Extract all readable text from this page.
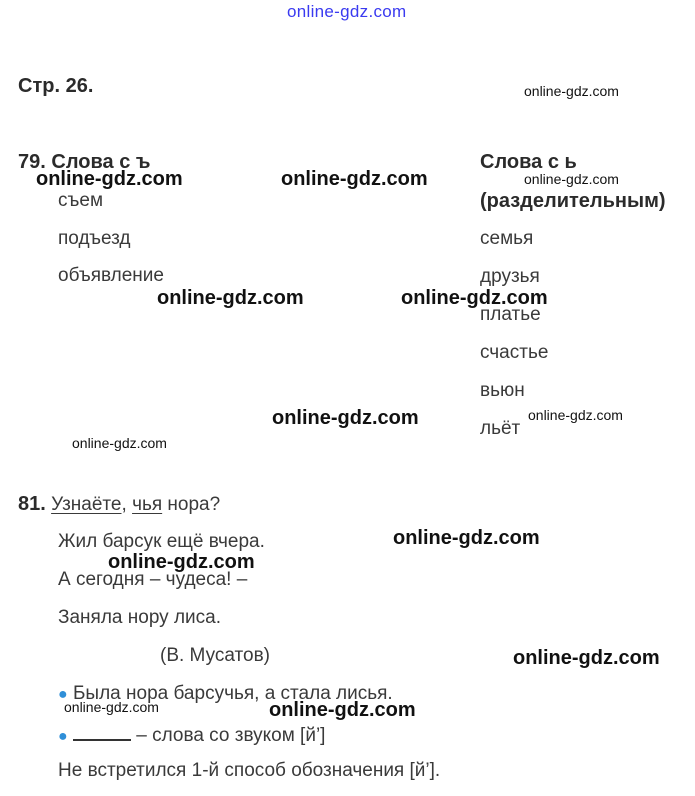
online-gdz.com
online-gdz.com
online-gdz.com	online-gdz.com	online-gdz.com
online-gdz.com	online-gdz.com
online-gdz.com	online-gdz.com
online-gdz.com
online-gdz.com
online-gdz.com
online-gdz.com
online-gdz.com	online-gdz.com
Стр. 26.
79. Слова с ъ
съем
подъезд
объявление
Слова с ь
(разделительным)
семья
друзья
платье
счастье
вьюн
льёт
81. Узнаёте, чья нора?
Жил барсук ещё вчера.
А сегодня – чудеса! –
Заняла нору лиса.
(В. Мусатов)
● Была нора барсучья, а стала лисья.
●	– слова со звуком [й’]
Не встретился 1-й способ обозначения [й’].
